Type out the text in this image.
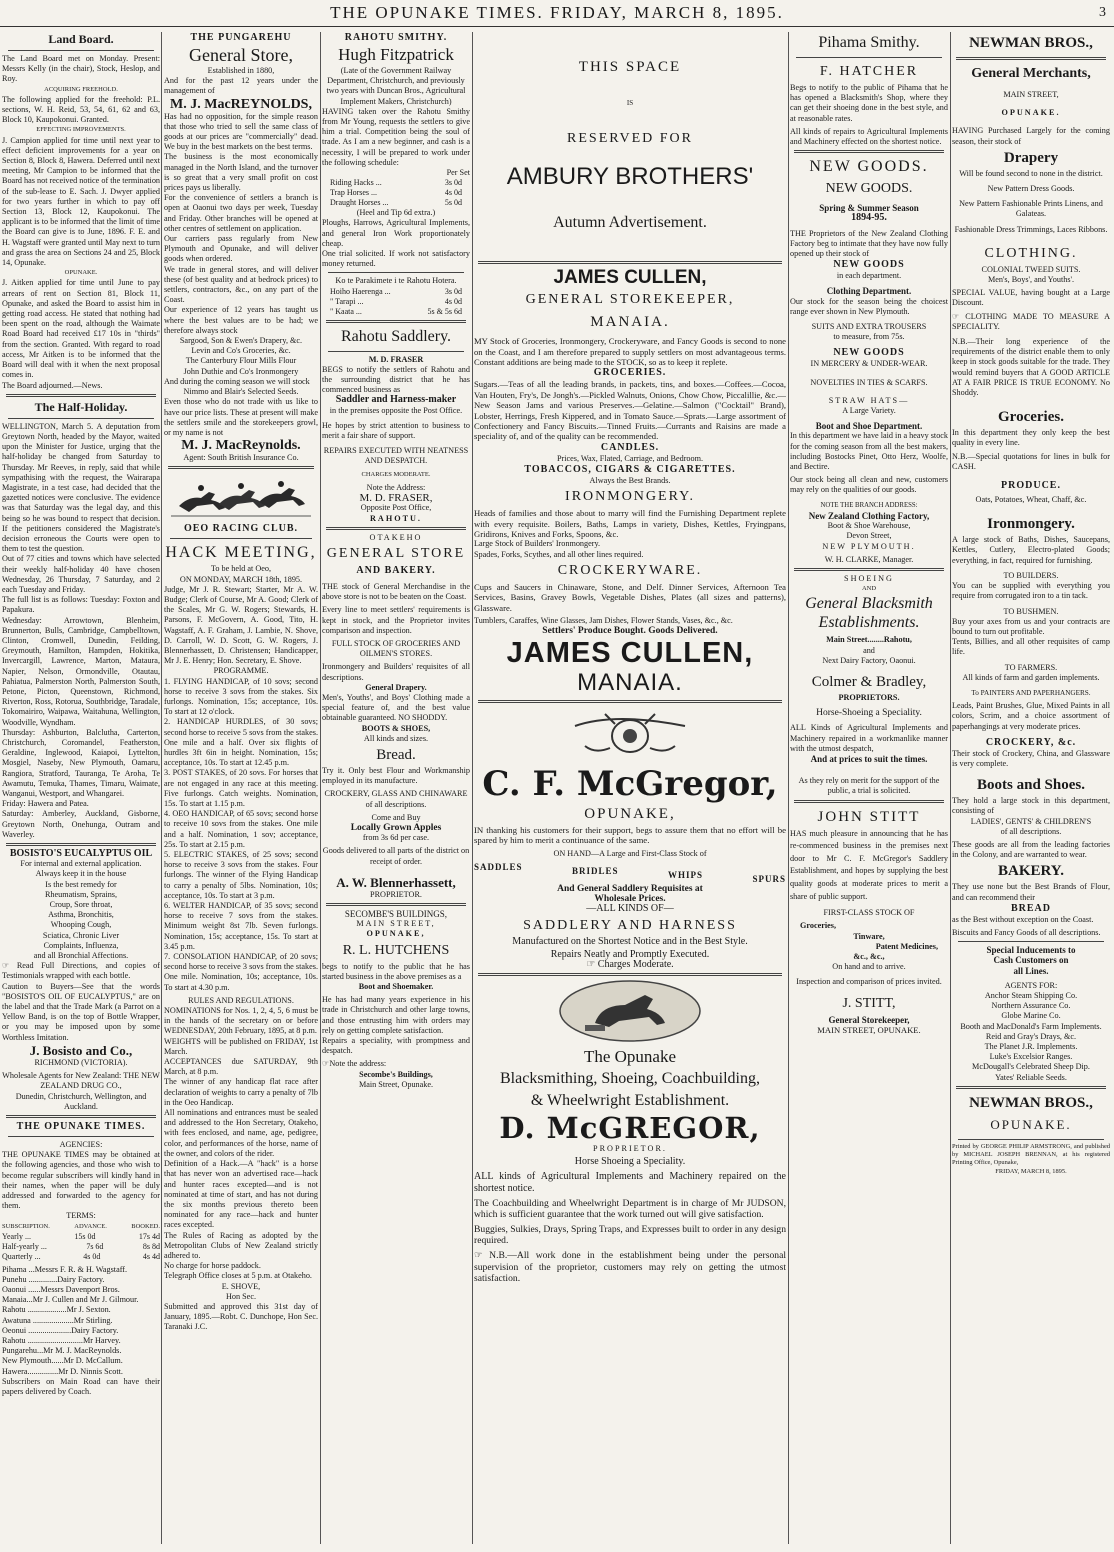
THE OPUNAKE TIMES. FRIDAY, MARCH 8, 1895.	3
Land Board.

The Land Board met on Monday. Present: Messrs Kelly (in the chair), Stock, Heslop, and Roy.

ACQUIRING FREEHOLD.

The following applied for the freehold: P.L. sections, W. H. Reid, 53, 54, 61, 62 and 63, Block 10, Kaupokonui. Granted.

EFFECTING IMPROVEMENTS.

J. Campion applied for time until next year to effect deficient improvements for a year on Section 8, Block 8, Hawera. Deferred until next meeting, Mr Campion to be informed that the Board has not received notice of the termination of the sub-lease to E. Sach. J. Dwyer applied for two years further in which to pay off Section 13, Block 12, Kaupokonui. The applicant is to be informed that the limit of time the Board can give is to June, 1896. F. E. and H. Wagstaff were granted until May next to turn and grass the area on Sections 24 and 25, Block 14, Opunake.

OPUNAKE.

J. Aitken applied for time until June to pay arrears of rent on Section 81, Block 11, Opunake, and asked the Board to assist him in getting road access. He stated that nothing had been spent on the road, although the Waimate Road Board had received £17 10s in "thirds" from the section. Granted. With regard to road access, Mr Aitken is to be informed that the Board will deal with it when the next proposal comes in.

The Board adjourned.—News.

The Half-Holiday.

WELLINGTON, March 5. A deputation from Greytown North, headed by the Mayor, waited upon the Minister for Justice, urging that the half-holiday be changed from Saturday to Thursday. Mr Reeves, in reply, said that while sympathising with the request, the Wairarapa Magistrate, in a test case, had decided that the gazetted notices were conclusive. The evidence was that Saturday was the legal day, and this being so he was bound to respect that decision. If the petitioners considered the Magistrate's decision erroneous the Courts were open to them to test the question.

Out of 77 cities and towns which have selected their weekly half-holiday 40 have chosen Wednesday, 26 Thursday, 7 Saturday, and 2 each Tuesday and Friday.

The full list is as follows: Tuesday: Foxton and Papakura.

Wednesday: Arrowtown, Blenheim, Brunnerton, Bulls, Cambridge, Campbelltown, Clinton, Cromwell, Dunedin, Feilding, Greymouth, Hamilton, Hampden, Hokitika, Invercargill, Lawrence, Marton, Mataura, Napier, Nelson, Ormondville, Otautau, Pahiatua, Palmerston North, Palmerston South, Petone, Picton, Queenstown, Richmond, Riverton, Ross, Rotorua, Southbridge, Taradale, Tokomairiro, Waipawa, Waitahuna, Wellington, Woodville, Wyndham.

Thursday: Ashburton, Balclutha, Carterton, Christchurch, Coromandel, Featherston, Geraldine, Inglewood, Kaiapoi, Lyttelton, Mosgiel, Naseby, New Plymouth, Oamaru, Rangiora, Stratford, Tauranga, Te Aroha, Te Awamutu, Temuka, Thames, Timaru, Waimate, Wanganui, Westport, and Whangarei.

Friday: Hawera and Patea.

Saturday: Amberley, Auckland, Gisborne, Greytown North, Onehunga, Outram and Waverley.

BOSISTO'S EUCALYPTUS OIL

For internal and external application.

Always keep it in the house
Is the best remedy for
Rheumatism, Sprains,
Croup, Sore throat,
Asthma, Bronchitis,
Whooping Cough,
Sciatica, Chronic Liver
Complaints, Influenza,
and all Bronchial Affections.

☞ Read Full Directions, and copies of Testimonials wrapped with each bottle.

Caution to Buyers—See that the words "BOSISTO'S OIL OF EUCALYPTUS," are on the label and that the Trade Mark (a Parrot on a Yellow Band, is on the top of Bottle Wrapper, or you may be imposed upon by some Worthless Imitation.

J. Bosisto and Co.,
RICHMOND (VICTORIA).

Wholesale Agents for New Zealand: THE NEW ZEALAND DRUG CO.,

Dunedin, Christchurch, Wellington, and Auckland.

THE OPUNAKE TIMES.
AGENCIES:

THE OPUNAKE TIMES may be obtained at the following agencies, and those who wish to become regular subscribers will kindly hand in their names, when the paper will be duly addressed and forwarded to the agency for them.

TERMS:
SUBSCRIPTION.	ADVANCE.	BOOKED.
Yearly ...	15s 0d	17s 4d
Half-yearly ...	7s 6d	8s 8d
Quarterly ...	4s 0d	4s 4d
Pihama ...Messrs F. R. & H. Wagstaff.
Punehu ..............Dairy Factory.
Oaonui ......Messrs Davenport Bros.
Manaia...Mr J. Cullen and Mr J. Gilmour.
Rahotu ...................Mr J. Sexton.
Awatuna ....................Mr Stirling.
Oeonui .....................Dairy Factory.
Rahotu ...........................Mr Harvey.
Pungarehu...Mr M. J. MacReynolds.
New Plymouth......Mr D. McCallum.
Hawera...............Mr D. Ninnis Scott.

Subscribers on Main Road can have their papers delivered by Coach.

THE PUNGAREHU
General Store,
Established in 1880,

And for the past 12 years under the management of

M. J. MacREYNOLDS,

Has had no opposition, for the simple reason that those who tried to sell the same class of goods at our prices are "commercially" dead. We buy in the best markets on the best terms.

The business is the most economically managed in the North Island, and the turnover is so great that a very small profit on cost prices pays us liberally.

For the convenience of settlers a branch is open at Oaonui two days per week, Tuesday and Friday. Other branches will be opened at other centres of settlement on application.

Our carriers pass regularly from New Plymouth and Opunake, and will deliver goods when ordered.

We trade in general stores, and will deliver these (of best quality and at bedrock prices) to settlers, contractors, &c., on any part of the Coast.

Our experience of 12 years has taught us where the best values are to be had; we therefore always stock

Sargood, Son & Ewen's Drapery, &c.
Levin and Co's Groceries, &c.
The Canterbury Flour Mills Flour
John Duthie and Co's Ironmongery

And during the coming season we will stock

Nimmo and Blair's Selected Seeds.

Even those who do not trade with us like to have our price lists. These at present will make the settlers smile and the storekeepers growl, or my name is not

M. J. MacReynolds.
Agent: South British Insurance Co.
OEO RACING CLUB.
HACK MEETING,
To be held at Oeo,
ON MONDAY, MARCH 18th, 1895.

Judge, Mr J. R. Stewart; Starter, Mr A. W. Budge; Clerk of Course, Mr A. Good; Clerk of the Scales, Mr G. W. Rogers; Stewards, H. Parsons, F. McGovern, A. Good, Tito, H. Wagstaff, A. F. Graham, J. Lambie, N. Shove, D. Carroll, W. D. Scott, G. W. Rogers, J. Blennerhassett, D. Christensen; Handicapper, Mr J. E. Henry; Hon. Secretary, E. Shove.

PROGRAMME.

1. FLYING HANDICAP, of 10 sovs; second horse to receive 3 sovs from the stakes. Six furlongs. Nomination, 15s; acceptance, 10s. To start at 12 o'clock.

2. HANDICAP HURDLES, of 30 sovs; second horse to receive 5 sovs from the stakes. One mile and a half. Over six flights of hurdles 3ft 6in in height. Nomination, 15s; acceptance, 10s. To start at 12.45 p.m.

3. POST STAKES, of 20 sovs. For horses that are not engaged in any race at this meeting. Five furlongs. Catch weights. Nomination, 15s. To start at 1.15 p.m.

4. OEO HANDICAP, of 65 sovs; second horse to receive 10 sovs from the stakes. One mile and a half. Nomination, 1 sov; acceptance, 25s. To start at 2.15 p.m.

5. ELECTRIC STAKES, of 25 sovs; second horse to receive 3 sovs from the stakes. Four furlongs. The winner of the Flying Handicap to carry a penalty of 5lbs. Nomination, 10s; acceptance, 10s. To start at 3 p.m.

6. WELTER HANDICAP, of 35 sovs; second horse to receive 7 sovs from the stakes. Minimum weight 8st 7lb. Seven furlongs. Nomination, 15s; acceptance, 15s. To start at 3.45 p.m.

7. CONSOLATION HANDICAP, of 20 sovs; second horse to receive 3 sovs from the stakes. One mile. Nomination, 10s; acceptance, 10s. To start at 4.30 p.m.

RULES AND REGULATIONS.

NOMINATIONS for Nos. 1, 2, 4, 5, 6 must be in the hands of the secretary on or before WEDNESDAY, 20th February, 1895, at 8 p.m.

WEIGHTS will be published on FRIDAY, 1st March.

ACCEPTANCES due SATURDAY, 9th March, at 8 p.m.

The winner of any handicap flat race after declaration of weights to carry a penalty of 7lb in the Oeo Handicap.

All nominations and entrances must be sealed and addressed to the Hon Secretary, Otakeho, with fees enclosed, and name, age, pedigree, color, and performances of the horse, name of the owner, and colors of the rider.

Definition of a Hack.—A "hack" is a horse that has never won an advertised race—hack and hunter races excepted—and is not nominated at time of start, and has not during the six months previous thereto been nominated for any race—hack and hunter races excepted.

The Rules of Racing as adopted by the Metropolitan Clubs of New Zealand strictly adhered to.

No charge for horse paddock.

Telegraph Office closes at 5 p.m. at Otakeho.

E. SHOVE,
Hon Sec.

Submitted and approved this 31st day of January, 1895.—Robt. C. Dunchope, Hon Sec. Taranaki J.C.

RAHOTU SMITHY.
Hugh Fitzpatrick

(Late of the Government Railway Department, Christchurch, and previously two years with Duncan Bros., Agricultural Implement Makers, Christchurch)

HAVING taken over the Rahotu Smithy from Mr Young, requests the settlers to give him a trial. Competition being the soul of trade. As I am a new beginner, and cash is a necessity, I will be prepared to work under the following schedule:

Per Set
Riding Hacks ...	3s 0d
Trap Horses ...	4s 0d
Draught Horses ...	5s 0d
(Heel and Tip 6d extra.)

Ploughs, Harrows, Agricultural Implements, and general Iron Work proportionately cheap.

One trial solicited. If work not satisfactory money returned.

Ko te Parakimete i te Rahotu Hotera.
Hoiho Haerenga ...	3s 0d
" Tarapi ...	4s 0d
" Kaata ...	5s & 5s 6d
Rahotu Saddlery.
M. D. FRASER

BEGS to notify the settlers of Rahotu and the surrounding district that he has commenced business as

Saddler and Harness-maker

in the premises opposite the Post Office.

He hopes by strict attention to business to merit a fair share of support.

REPAIRS EXECUTED WITH NEATNESS AND DESPATCH.

CHARGES MODERATE.
Note the Address:
M. D. FRASER,
Opposite Post Office,
RAHOTU.
OTAKEHO
GENERAL STORE
AND BAKERY.

THE stock of General Merchandise in the above store is not to be beaten on the Coast.

Every line to meet settlers' requirements is kept in stock, and the Proprietor invites comparison and inspection.

FULL STOCK OF GROCERIES AND OILMEN'S STORES.

Ironmongery and Builders' requisites of all descriptions.

General Drapery.

Men's, Youths', and Boys' Clothing made a special feature of, and the best value obtainable guaranteed. NO SHODDY.

BOOTS & SHOES,
All kinds and sizes.
Bread.

Try it. Only best Flour and Workmanship employed in its manufacture.

CROCKERY, GLASS AND CHINAWARE

of all descriptions.
Come and Buy
Locally Grown Apples
from 3s 6d per case.

Goods delivered to all parts of the district on receipt of order.

A. W. Blennerhassett,
PROPRIETOR.
SECOMBE'S BUILDINGS,
MAIN STREET,
OPUNAKE,
R. L. HUTCHENS

begs to notify to the public that he has started business in the above premises as a

Boot and Shoemaker.

He has had many years experience in his trade in Christchurch and other large towns, and those entrusting him with orders may rely on getting complete satisfaction.

Repairs a speciality, with promptness and despatch.

☞Note the address:
Secombe's Buildings,
Main Street, Opunake.
THIS SPACE
IS
RESERVED FOR
AMBURY BROTHERS'
Autumn Advertisement.
JAMES CULLEN,
GENERAL STOREKEEPER,
MANAIA.

MY Stock of Groceries, Ironmongery, Crockeryware, and Fancy Goods is second to none on the Coast, and I am therefore prepared to supply settlers on most advantageous terms. Constant additions are being made to the STOCK, so as to keep it replete.

GROCERIES.

Sugars.—Teas of all the leading brands, in packets, tins, and boxes.—Coffees.—Cocoa, Van Houten, Fry's, De Jongh's.—Pickled Walnuts, Onions, Chow Chow, Piccalillie, &c.—New Season Jams and various Preserves.—Gelatine.—Salmon ("Cocktail" Brand), Lobster, Herrings, Fresh Kippered, and in Tomato Sauce.—Sprats.—Large assortment of Confectionery and Fancy Biscuits.—Tinned Fruits.—Currants and Raisins are made a speciality of, and of the quality can be recommended.

CANDLES.
Prices, Wax, Flated, Carriage, and Bedroom.
TOBACCOS, CIGARS & CIGARETTES.
Always the Best Brands.
IRONMONGERY.

Heads of families and those about to marry will find the Furnishing Department replete with every requisite. Boilers, Baths, Lamps in variety, Dishes, Kettles, Fryingpans, Gridirons, Knives and Forks, Spoons, &c.

Large Stock of Builders' Ironmongery.

Spades, Forks, Scythes, and all other lines required.

CROCKERYWARE.

Cups and Saucers in Chinaware, Stone, and Delf. Dinner Services, Afternoon Tea Services, Basins, Gravey Bowls, Vegetable Dishes, Plates (all sizes and patterns), Glassware.

Tumblers, Caraffes, Wine Glasses, Jam Dishes, Flower Stands, Vases, &c., &c.

Settlers' Produce Bought. Goods Delivered.
JAMES CULLEN,
MANAIA.
C. F. McGregor,
OPUNAKE,

IN thanking his customers for their support, begs to assure them that no effort will be spared by him to merit a continuance of the same.

ON HAND—A Large and First-Class Stock of
SADDLES	BRIDLES	WHIPS	SPURS
And General Saddlery Requisites at
Wholesale Prices.
—ALL KINDS OF—
SADDLERY AND HARNESS
Manufactured on the Shortest Notice and in the Best Style.
Repairs Neatly and Promptly Executed.
☞ Charges Moderate.
The Opunake
Blacksmithing, Shoeing, Coachbuilding,
& Wheelwright Establishment.
D. McGREGOR,
PROPRIETOR.
Horse Shoeing a Speciality.

ALL kinds of Agricultural Implements and Machinery repaired on the shortest notice.

The Coachbuilding and Wheelwright Department is in charge of Mr JUDSON, which is sufficient guarantee that the work turned out will give satisfaction.

Buggies, Sulkies, Drays, Spring Traps, and Expresses built to order in any design required.

☞ N.B.—All work done in the establishment being under the personal supervision of the proprietor, customers may rely on getting the utmost satisfaction.

Pihama Smithy.
F. HATCHER

Begs to notify to the public of Pihama that he has opened a Blacksmith's Shop, where they can get their shoeing done in the best style, and at reasonable rates.

All kinds of repairs to Agricultural Implements and Machinery effected on the shortest notice.

NEW GOODS.
NEW GOODS.
Spring & Summer Season
1894-95.

THE Proprietors of the New Zealand Clothing Factory beg to intimate that they have now fully opened up their stock of

NEW GOODS
in each department.
Clothing Department.

Our stock for the season being the choicest range ever shown in New Plymouth.

SUITS AND EXTRA TROUSERS
to measure, from 75s.
NEW GOODS
IN MERCERY & UNDER-WEAR.
NOVELTIES IN TIES & SCARFS.
STRAW HATS—
A Large Variety.
Boot and Shoe Department.

In this department we have laid in a heavy stock for the coming season from all the best makers, including Bostocks Pinet, Otto Herz, Woolfe, and Bectire.

Our stock being all clean and new, customers may rely on the qualities of our goods.

NOTE THE BRANCH ADDRESS:
New Zealand Clothing Factory,
Boot & Shoe Warehouse,
Devon Street,
NEW PLYMOUTH.
W. H. CLARKE, Manager.
SHOEING
AND
General Blacksmith Establishments.
Main Street........Rahotu,
and
Next Dairy Factory, Oaonui.
Colmer & Bradley,
PROPRIETORS.
Horse-Shoeing a Speciality.

ALL Kinds of Agricultural Implements and Machinery repaired in a workmanlike manner with the utmost despatch,

And at prices to suit the times.

As they rely on merit for the support of the public, a trial is solicited.

JOHN STITT

HAS much pleasure in announcing that he has re-commenced business in the premises next door to Mr C. F. McGregor's Saddlery Establishment, and hopes by supplying the best quality goods at moderate prices to merit a share of public support.

FIRST-CLASS STOCK OF
Groceries,
Tinware,
Patent Medicines,
&c., &c.,
On hand and to arrive.

Inspection and comparison of prices invited.

J. STITT,
General Storekeeper,
MAIN STREET, OPUNAKE.
NEWMAN BROS.,
General Merchants,
MAIN STREET,
OPUNAKE.

HAVING Purchased Largely for the coming season, their stock of

Drapery

Will be found second to none in the district.

New Pattern Dress Goods.

New Pattern Fashionable Prints Linens, and Galateas.

Fashionable Dress Trimmings, Laces Ribbons.

CLOTHING.
COLONIAL TWEED SUITS.
Men's, Boys', and Youths'.

SPECIAL VALUE, having bought at a Large Discount.

☞ CLOTHING MADE TO MEASURE A SPECIALITY.

N.B.—Their long experience of the requirements of the district enable them to only keep in stock goods suitable for the trade. They would remind buyers that A GOOD ARTICLE AT A FAIR PRICE IS TRUE ECONOMY. No Shoddy.

Groceries.

In this department they only keep the best quality in every line.

N.B.—Special quotations for lines in bulk for CASH.

PRODUCE.
Oats, Potatoes, Wheat, Chaff, &c.
Ironmongery.

A large stock of Baths, Dishes, Saucepans, Kettles, Cutlery, Electro-plated Goods; everything, in fact, required for furnishing.

TO BUILDERS.

You can be supplied with everything you require from corrugated iron to a tin tack.

TO BUSHMEN.

Buy your axes from us and your contracts are bound to turn out profitable.

Tents, Billies, and all other requisites of camp life.

TO FARMERS.

All kinds of farm and garden implements.

To PAINTERS AND PAPERHANGERS.

Leads, Paint Brushes, Glue, Mixed Paints in all colors, Scrim, and a choice assortment of paperhangings at very moderate prices.

CROCKERY, &c.

Their stock of Crockery, China, and Glassware is very complete.

Boots and Shoes.

They hold a large stock in this department, consisting of

LADIES', GENTS' & CHILDREN'S
of all descriptions.

These goods are all from the leading factories in the Colony, and are warranted to wear.

BAKERY.

They use none but the Best Brands of Flour, and can recommend their

BREAD

as the Best without exception on the Coast.

Biscuits and Fancy Goods of all descriptions.

Special Inducements to
Cash Customers on
all Lines.
AGENTS FOR:
Anchor Steam Shipping Co.
Northern Assurance Co.
Globe Marine Co.
Booth and MacDonald's Farm Implements.
Reid and Gray's Drays, &c.
The Planet J.R. Implements.
Luke's Excelsior Ranges.
McDougall's Celebrated Sheep Dip.
Yates' Reliable Seeds.
NEWMAN BROS.,
OPUNAKE.

Printed by GEORGE PHILIP ARMSTRONG, and published by MICHAEL JOSEPH BRENNAN, at his registered Printing Office, Opunake,

FRIDAY, MARCH 8, 1895.
